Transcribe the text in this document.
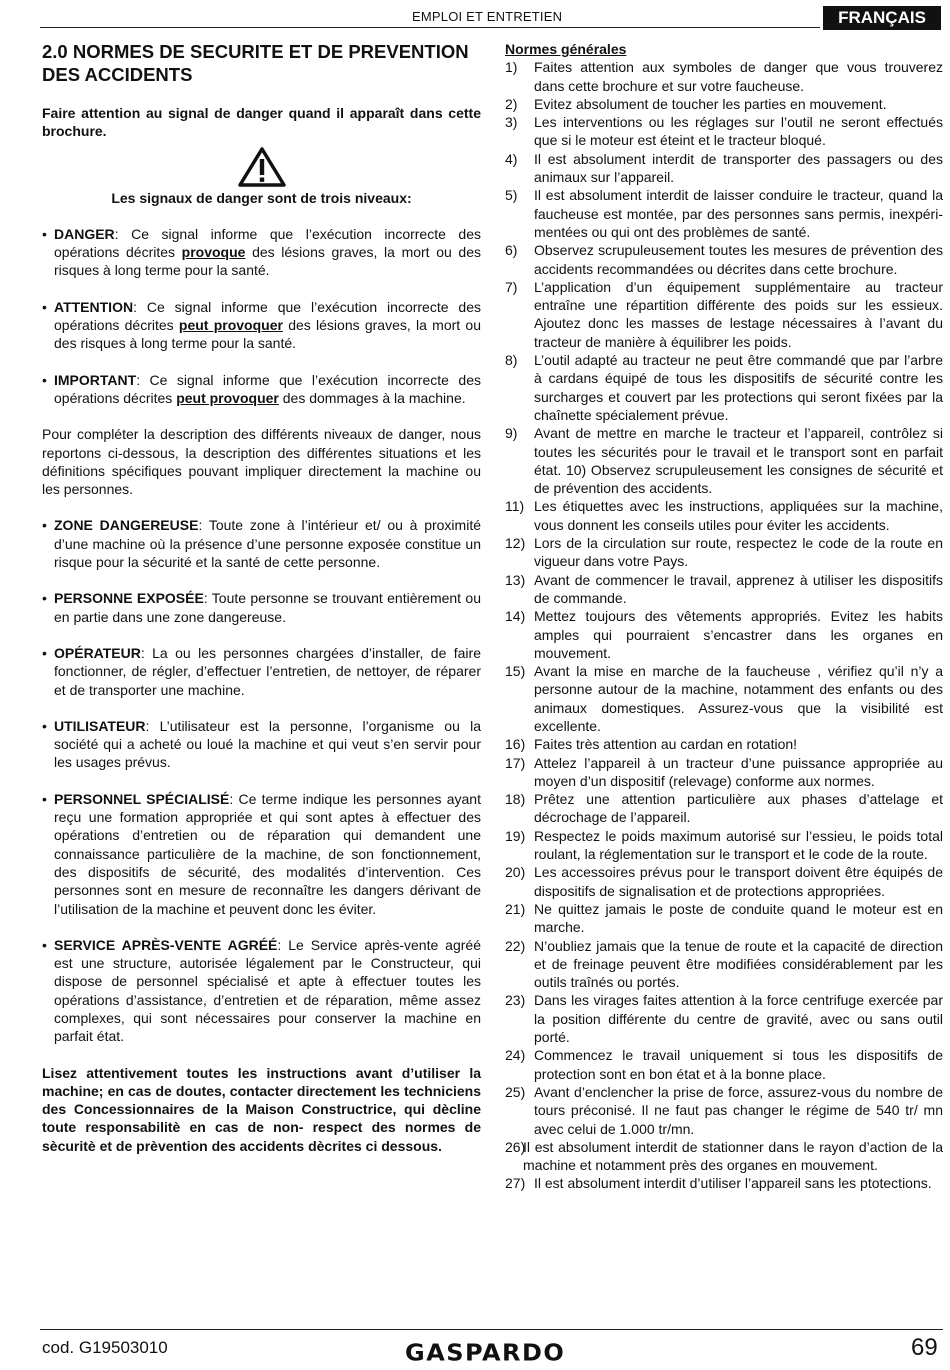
EMPLOI ET ENTRETIEN	FRANÇAIS
2.0 NORMES DE SECURITE ET DE PREVENTION DES ACCIDENTS

Faire attention au signal de danger quand il apparaît dans cette brochure.

Les signaux de danger sont de trois niveaux:

• DANGER: Ce signal informe que l’exécution incorrecte des opérations décrites provoque des lésions graves, la mort ou des risques à long terme pour la santé.

• ATTENTION: Ce signal informe que l’exécution incorrecte des opérations décrites peut provoquer des lésions graves, la mort ou des risques à long terme pour la santé.

• IMPORTANT: Ce signal informe que l’exécution incorrecte des opérations décrites peut provoquer des dommages à la machine.

Pour compléter la description des différents niveaux de danger, nous reportons ci-dessous, la description des différentes situations et les définitions spécifiques pouvant impliquer directement la machine ou les personnes.

• ZONE DANGEREUSE: Toute zone à l’intérieur et/ ou à proximité d’une machine où la présence d’une personne exposée constitue un risque pour la sécurité et la santé de cette personne.

• PERSONNE EXPOSÉE: Toute personne se trouvant entièrement ou en partie dans une zone dangereuse.

• OPÉRATEUR: La ou les personnes chargées d’installer, de faire fonctionner, de régler, d’effectuer l’entretien, de nettoyer, de réparer et de transporter une machine.

• UTILISATEUR: L’utilisateur est la personne, l’organisme ou la société qui a acheté ou loué la machine et qui veut s’en servir pour les usages prévus.

• PERSONNEL SPÉCIALISÉ: Ce terme indique les personnes ayant reçu une formation appropriée et qui sont aptes à effectuer des opérations d’entretien ou de réparation qui demandent une connaissance particulière de la machine, de son fonctionnement, des dispositifs de sécurité, des modalités d’intervention. Ces personnes sont en mesure de reconnaître les dangers dérivant de l’utilisation de la machine et peuvent donc les éviter.

• SERVICE APRÈS-VENTE AGRÉÉ: Le Service après-vente agréé est une structure, autorisée légalement par le Constructeur, qui dispose de personnel spécialisé et apte à effectuer toutes les opérations d’assistance, d’entretien et de réparation, même assez complexes, qui sont nécessaires pour conserver la machine en parfait état.

Lisez attentivement toutes les instructions avant d’utiliser la machine; en cas de doutes, contacter directement les techniciens des Concessionnaires de la Maison Constructrice, qui dècline toute responsabilitè en cas de non- respect des normes de sècuritè et de prèvention des accidents dècrites ci dessous.

Normes générales

1) Faites attention aux symboles de danger que vous trouverez dans cette brochure et sur votre faucheuse.
2) Evitez absolument de toucher les parties en mouvement.
3) Les interventions ou les réglages sur l’outil ne seront effectués que si le moteur est éteint et le tracteur bloqué.
4) Il est absolument interdit de transporter des passagers ou des animaux sur l’appareil.
5) Il est absolument interdit de laisser conduire le tracteur, quand la faucheuse est montée, par des personnes sans permis, inexpéri-mentées ou qui ont des problèmes de santé.
6) Observez scrupuleusement toutes les mesures de prévention des accidents recommandées ou décrites dans cette brochure.
7) L’application d’un équipement supplémentaire au tracteur entraîne une répartition différente des poids sur les essieux. Ajoutez donc les masses de lestage nécessaires à l’avant du tracteur de manière à équilibrer les poids.
8) L’outil adapté au tracteur ne peut être commandé que par l’arbre à cardans équipé de tous les dispositifs de sécurité contre les surcharges et couvert par les protections qui seront fixées par la chaînette spécialement prévue.
9) Avant de mettre en marche le tracteur et l’appareil, contrôlez si toutes les sécurités pour le travail et le transport sont en parfait état. 10) Observez scrupuleusement les consignes de sécurité et de prévention des accidents.
11) Les étiquettes avec les instructions, appliquées sur la machine, vous donnent les conseils utiles pour éviter les accidents.
12) Lors de la circulation sur route, respectez le code de la route en vigueur dans votre Pays.
13) Avant de commencer le travail, apprenez à utiliser les dispositifs de commande.
14) Mettez toujours des vêtements appropriés. Evitez les habits amples qui pourraient s’encastrer dans les organes en mouvement.
15) Avant la mise en marche de la faucheuse , vérifiez qu’il n’y a personne autour de la machine, notamment des enfants ou des animaux domestiques. Assurez-vous que la visibilité est excellente.
16) Faites très attention au cardan en rotation!
17) Attelez l’appareil à un tracteur d’une puissance appropriée au moyen d’un dispositif (relevage) conforme aux normes.
18) Prêtez une attention particulière aux phases d’attelage et décrochage de l’appareil.
19) Respectez le poids maximum autorisé sur l’essieu, le poids total roulant, la réglementation sur le transport et le code de la route.
20) Les accessoires prévus pour le transport doivent être équipés de dispositifs de signalisation et de protections appropriées.
21) Ne quittez jamais le poste de conduite quand le moteur est en marche.
22) N’oubliez jamais que la tenue de route et la capacité de direction et de freinage peuvent être modifiées considérablement par les outils traînés ou portés.
23) Dans les virages faites attention à la force centrifuge exercée par la position différente du centre de gravité, avec ou sans outil porté.
24) Commencez le travail uniquement si tous les dispositifs de protection sont en bon état et à la bonne place.
25) Avant d’enclencher la prise de force, assurez-vous du nombre de tours préconisé. Il ne faut pas changer le régime de 540 tr/ mn avec celui de 1.000 tr/mn.
26)
Il est absolument interdit de stationner dans le rayon d’action de la machine et notamment près des organes en mouvement.
27) Il est absolument interdit d’utiliser l’appareil sans les ptotections.
cod. G19503010	GASPARDO	69
